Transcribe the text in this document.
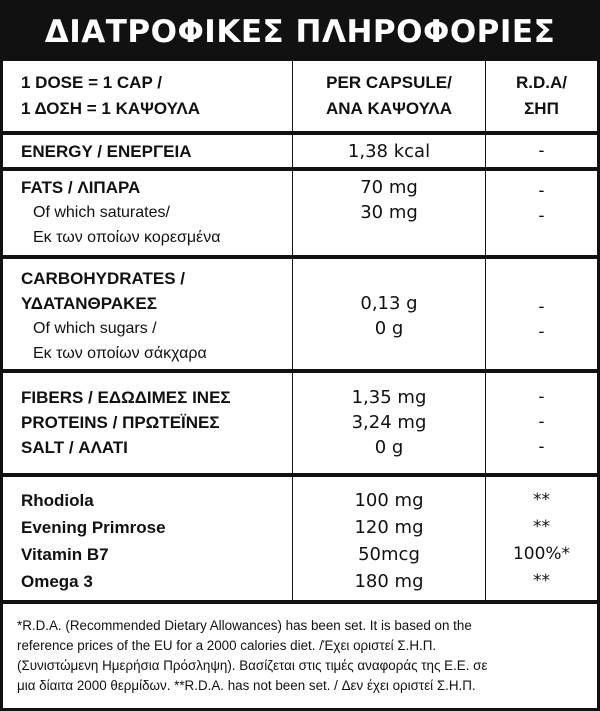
ΔΙΑΤΡΟΦΙΚΕΣ ΠΛΗΡΟΦΟΡΙΕΣ
1 DOSE = 1 CAP /
1 ΔΟΣΗ = 1 ΚΑΨΟΥΛΑ
PER CAPSULE/
ΑΝΑ ΚΑΨΟΥΛΑ
R.D.A/
ΣΗΠ
ENERGY / ΕΝΕΡΓΕΙΑ	1,38 kcal	-
FATS / ΛΙΠΑΡΑ
Of which saturates/
Εκ των οποίων κορεσμένα
70 mg
30 mg
-
-
CARBOHYDRATES /
ΥΔΑΤΑΝΘΡΑΚΕΣ
Of which sugars /
Εκ των οποίων σάκχαρα
0,13 g
0 g
-
-
FIBERS / ΕΔΩΔΙΜΕΣ ΙΝΕΣ
PROTEINS / ΠΡΩΤΕΪΝΕΣ
SALT / ΑΛΑΤΙ
1,35 mg
3,24 mg
0 g
-
-
-
Rhodiola
Evening Primrose
Vitamin B7
Omega 3
100 mg
120 mg
50mcg
180 mg
**
**
100%*
**
*R.D.A. (Recommended Dietary Allowances) has been set. It is based on the
reference prices of the EU for a 2000 calories diet. /Έχει οριστεί Σ.Η.Π.
(Συνιστώμενη Ημερήσια Πρόσληψη). Βασίζεται στις τιμές αναφοράς της Ε.Ε. σε
μια δίαιτα 2000 θερμίδων. **R.D.A. has not been set. / Δεν έχει οριστεί Σ.Η.Π.
